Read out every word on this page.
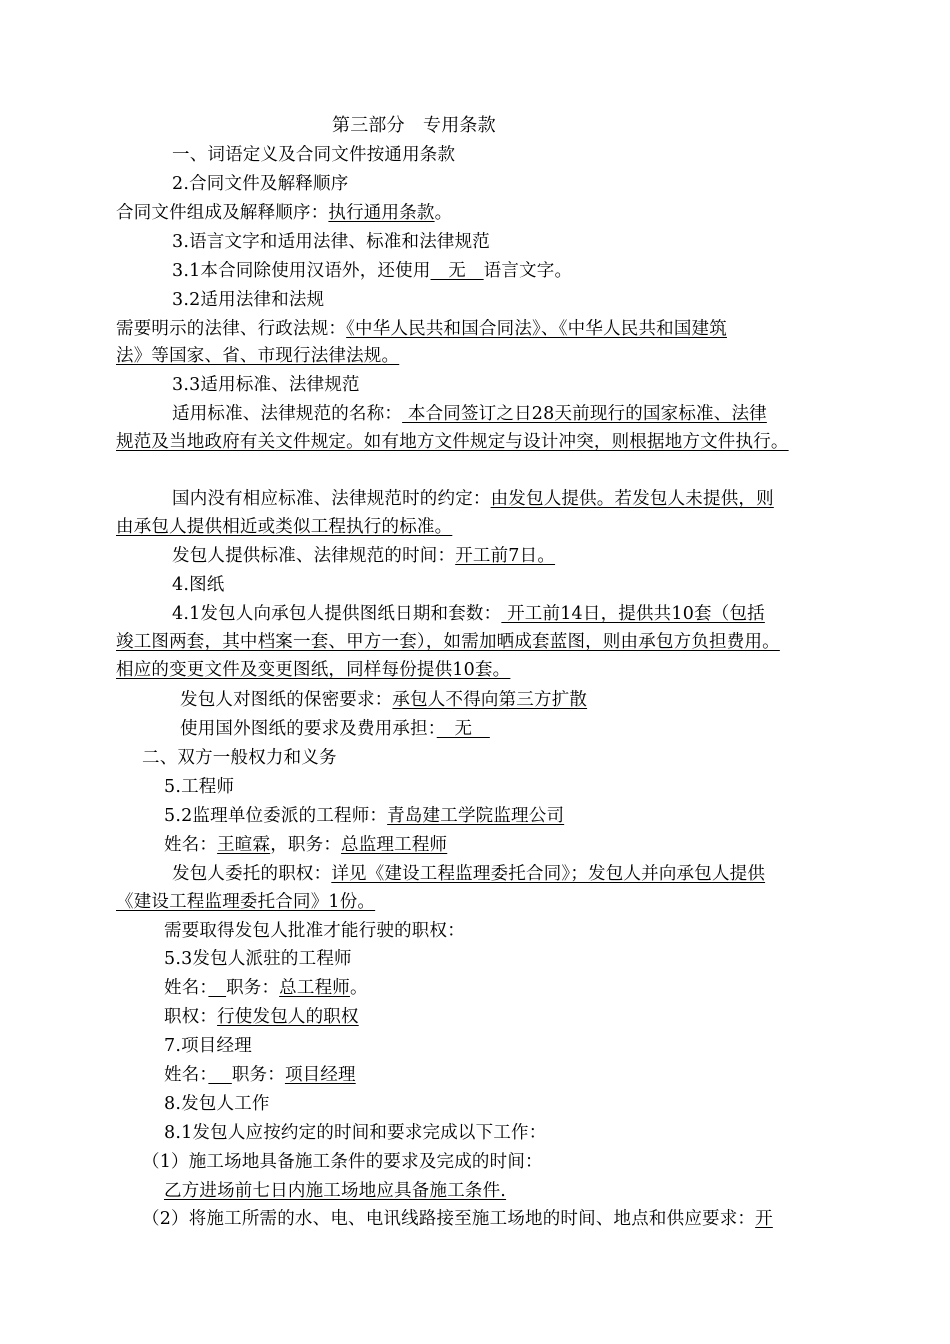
第三部分　专用条款
一、词语定义及合同文件按通用条款
2.合同文件及解释顺序
合同文件组成及解释顺序：执行通用条款。
3.语言文字和适用法律、标准和法律规范
3.1本合同除使用汉语外，还使用　无　语言文字。
3.2适用法律和法规
需要明示的法律、行政法规：《中华人民共和国合同法》、《中华人民共和国建筑
法》等国家、省、市现行法律法规。
3.3适用标准、法律规范
适用标准、法律规范的名称： 本合同签订之日28天前现行的国家标准、法律
规范及当地政府有关文件规定。如有地方文件规定与设计冲突，则根据地方文件执行。
国内没有相应标准、法律规范时的约定：由发包人提供。若发包人未提供，则
由承包人提供相近或类似工程执行的标准。
发包人提供标准、法律规范的时间：开工前7日。
4.图纸
4.1发包人向承包人提供图纸日期和套数： 开工前14日，提供共10套（包括
竣工图两套，其中档案一套、甲方一套），如需加晒成套蓝图，则由承包方负担费用。
相应的变更文件及变更图纸，同样每份提供10套。
发包人对图纸的保密要求：承包人不得向第三方扩散
使用国外图纸的要求及费用承担：　无　
二、双方一般权力和义务
5.工程师
5.2监理单位委派的工程师：青岛建工学院监理公司
姓名：王暄霖，职务：总监理工程师
发包人委托的职权：详见《建设工程监理委托合同》；发包人并向承包人提供
《建设工程监理委托合同》1份。
需要取得发包人批准才能行驶的职权：
5.3发包人派驻的工程师
姓名：　 职务：总工程师。
职权：行使发包人的职权
7.项目经理
姓名：　 职务：项目经理
8.发包人工作
8.1发包人应按约定的时间和要求完成以下工作：
（1）施工场地具备施工条件的要求及完成的时间：
乙方进场前七日内施工场地应具备施工条件.
（2）将施工所需的水、电、电讯线路接至施工场地的时间、地点和供应要求：开
